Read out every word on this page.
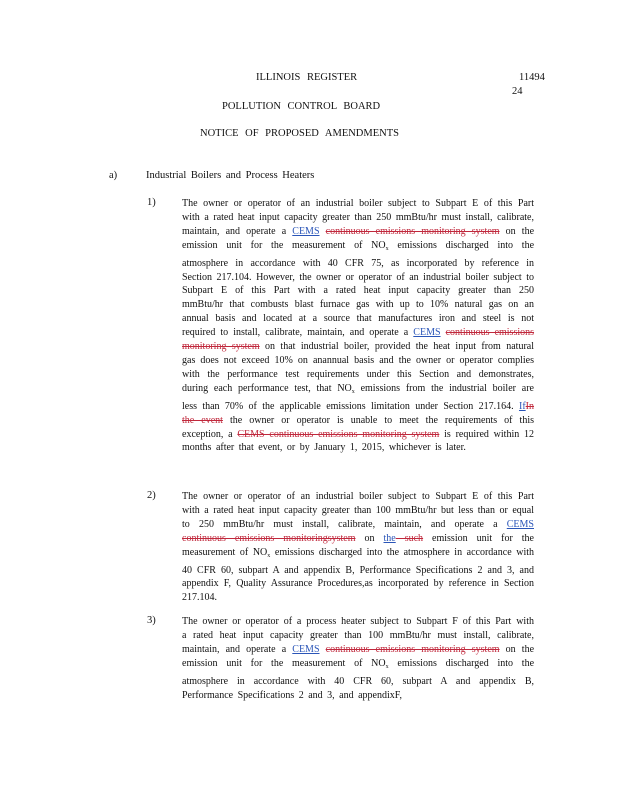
ILLINOIS REGISTER	11494
24
POLLUTION CONTROL BOARD
NOTICE OF PROPOSED AMENDMENTS
a)	Industrial Boilers and Process Heaters
1)	The owner or operator of an industrial boiler subject to Subpart E of this Part with a rated heat input capacity greater than 250 mmBtu/hr must install, calibrate, maintain, and operate a CEMS continuous emissions monitoring system on the emission unit for the measurement of $NO_x$ emissions discharged into the atmosphere in accordance with 40 CFR 75, as incorporated by reference in Section 217.104. However, the owner or operator of an industrial boiler subject to Subpart E of this Part with a rated heat input capacity greater than 250 mmBtu/hr that combusts blast furnace gas with up to 10% natural gas on an annual basis and located at a source that manufactures iron and steel is not required to install, calibrate, maintain, and operate a CEMS continuous emissions monitoring system on that industrial boiler, provided the heat input from natural gas does not exceed 10% on anannual basis and the owner or operator complies with the performance test requirements under this Section and demonstrates, during each performance test, that $NO_x$ emissions from the industrial boiler are less than 70% of the applicable emissions limitation under Section 217.164. IfIn the event the owner or operator is unable to meet the requirements of this exception, a CEMS continuous emissions monitoring system is required within 12 months after that event, or by January 1, 2015, whichever is later.
2)	The owner or operator of an industrial boiler subject to Subpart E of this Part with a rated heat input capacity greater than 100 mmBtu/hr but less than or equal to 250 mmBtu/hr must install, calibrate, maintain, and operate a CEMS continuous emissions monitoringsystem on the such emission unit for the measurement of $NO_x$ emissions discharged into the atmosphere in accordance with 40 CFR 60, subpart A and appendix B, Performance Specifications 2 and 3, and appendix F, Quality Assurance Procedures,as incorporated by reference in Section 217.104.
3)	The owner or operator of a process heater subject to Subpart F of this Part with a rated heat input capacity greater than 100 mmBtu/hr must install, calibrate, maintain, and operate a CEMS continuous emissions monitoring system on the emission unit for the measurement of $NO_x$ emissions discharged into the atmosphere in accordance with 40 CFR 60, subpart A and appendix B, Performance Specifications 2 and 3, and appendixF,
